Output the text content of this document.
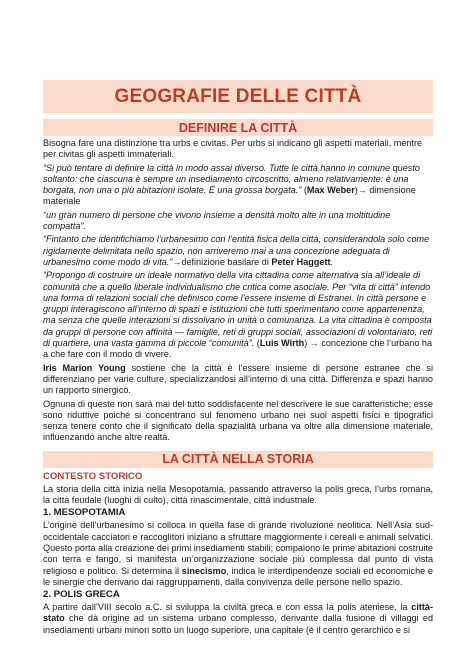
GEOGRAFIE DELLE CITTÀ
DEFINIRE LA CITTÀ

Bisogna fare una distinzione tra urbs e civitas. Per urbs si indicano gli aspetti materiali, mentre per civitas gli aspetti immateriali.

“Si può tentare di definire la città in modo assai diverso. Tutte le città hanno in comune questo soltanto: che ciascuna è sempre un insediamento circoscritto, almeno relativamente: è una borgata, non una o più abitazioni isolate. È una grossa borgata.” (Max Weber)→ dimensione materiale

“un gran numero di persone che vivono insieme a densità molto alte in una moltitudine compatta”.

“Fintanto che identifichiamo l’urbanesimo con l’entità fisica della città, considerandola solo come rigidamente delimitata nello spazio, non arriveremo mai a una concezione adeguata di urbanesimo come modo di vita.”→definizione basilare di Peter Haggett.

“Propongo di costruire un ideale normativo della vita cittadina come alternativa sia all’ideale di comunità che a quello liberale individualismo che critica come asociale. Per “vita di città” intendo una forma di relazioni sociali che definisco come l’essere insieme di Estranei. In città persone e gruppi interagiscono all’interno di spazi e istituzioni che tutti sperimentano come appartenenza, ma senza che quelle interazioni si dissolvano in unità o comunanza. La vita cittadina è composta da gruppi di persone con affinità — famiglie, reti di gruppi sociali, associazioni di volontariato, reti di quartiere, una vasta gamma di piccole “comunità”. (Luis Wirth) → concezione che l’urbano ha a che fare con il modo di vivere.

Iris Marion Young sostiene che la città è l’essere insieme di persone estranee che si differenziano per varie culture, specializzandosi all’interno di una città. Differenza e spazi hanno un rapporto sinergico.

Ognuna di queste non sarà mai del tutto soddisfacente nel descrivere le sue caratteristiche; esse sono riduttive poiché si concentrano sul fenomeno urbano nei suoi aspetti fisici e tipografici senza tenere conto che il significato della spazialità urbana va oltre alla dimensione materiale, influenzando anche altre realtà.

LA CITTÀ NELLA STORIA
CONTESTO STORICO

La storia della città inizia nella Mesopotamia, passando attraverso la polis greca, l’urbs romana, la città feudale (luoghi di culto), città rinascimentale, città industriale.

1. MESOPOTAMIA

L’origine dell’urbanesimo si colloca in quella fase di grande rivoluzione neolitica. Nell’Asia sud-occidentale cacciatori e raccoglitori iniziano a sfruttare maggiormente i cereali e animali selvatici. Questo porta alla creazione dei primi insediamenti stabili; compaiono le prime abitazioni costruite con terra e fango, si manifesta un’organizzazione sociale più complessa dal punto di vista religioso e politico. Si determina il sinecismo, indica le interdipendenze sociali ed economiche e le sinergie che derivano dai raggruppamenti, dalla convivenza delle persone nello spazio.

2. POLIS GRECA

A partire dall’VIII secolo a.C. si sviluppa la civiltà greca e con essa la polis ateniese, la città-stato che dà origine ad un sistema urbano complesso, derivante dalla fusione di villaggi ed insediamenti urbani minori sotto un luogo superiore, una capitale (è il centro gerarchico e si
